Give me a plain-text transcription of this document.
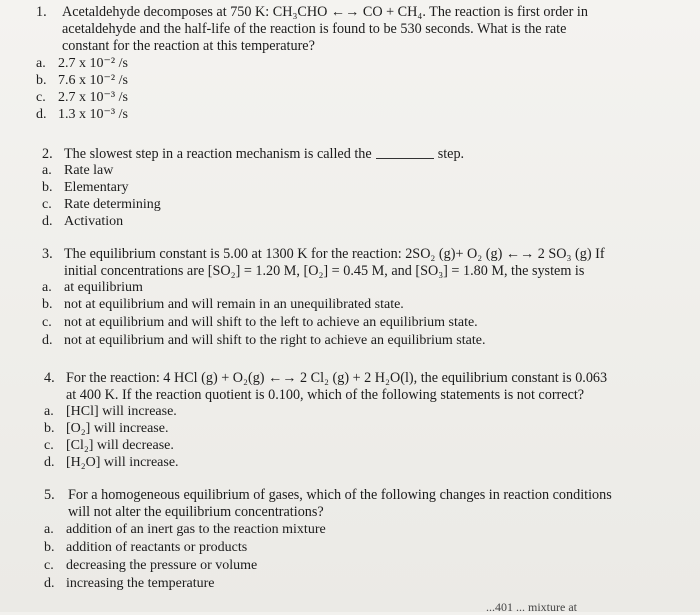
1. Acetaldehyde decomposes at 750 K: CH₃CHO ←→ CO + CH₄. The reaction is first order in
acetaldehyde and the half-life of the reaction is found to be 530 seconds. What is the rate
constant for the reaction at this temperature?
a. 2.7 x 10⁻² /s
b. 7.6 x 10⁻² /s
c. 2.7 x 10⁻³ /s
d. 1.3 x 10⁻³ /s
2. The slowest step in a reaction mechanism is called the	step.
a. Rate law
b. Elementary
c. Rate determining
d. Activation
3. The equilibrium constant is 5.00 at 1300 K for the reaction: 2SO₂ (g)+ O₂ (g) ←→ 2 SO₃ (g) If
initial concentrations are [SO₂] = 1.20 M, [O₂] = 0.45 M, and [SO₃] = 1.80 M, the system is
a. at equilibrium
b. not at equilibrium and will remain in an unequilibrated state.
c. not at equilibrium and will shift to the left to achieve an equilibrium state.
d. not at equilibrium and will shift to the right to achieve an equilibrium state.
4. For the reaction: 4 HCl (g) + O₂(g) ←→ 2 Cl₂ (g) + 2 H₂O(l), the equilibrium constant is 0.063
at 400 K. If the reaction quotient is 0.100, which of the following statements is not correct?
a. [HCl] will increase.
b. [O₂] will increase.
c. [Cl₂] will decrease.
d. [H₂O] will increase.
5. For a homogeneous equilibrium of gases, which of the following changes in reaction conditions
will not alter the equilibrium concentrations?
a. addition of an inert gas to the reaction mixture
b. addition of reactants or products
c. decreasing the pressure or volume
d. increasing the temperature
...401 ... mixture at
